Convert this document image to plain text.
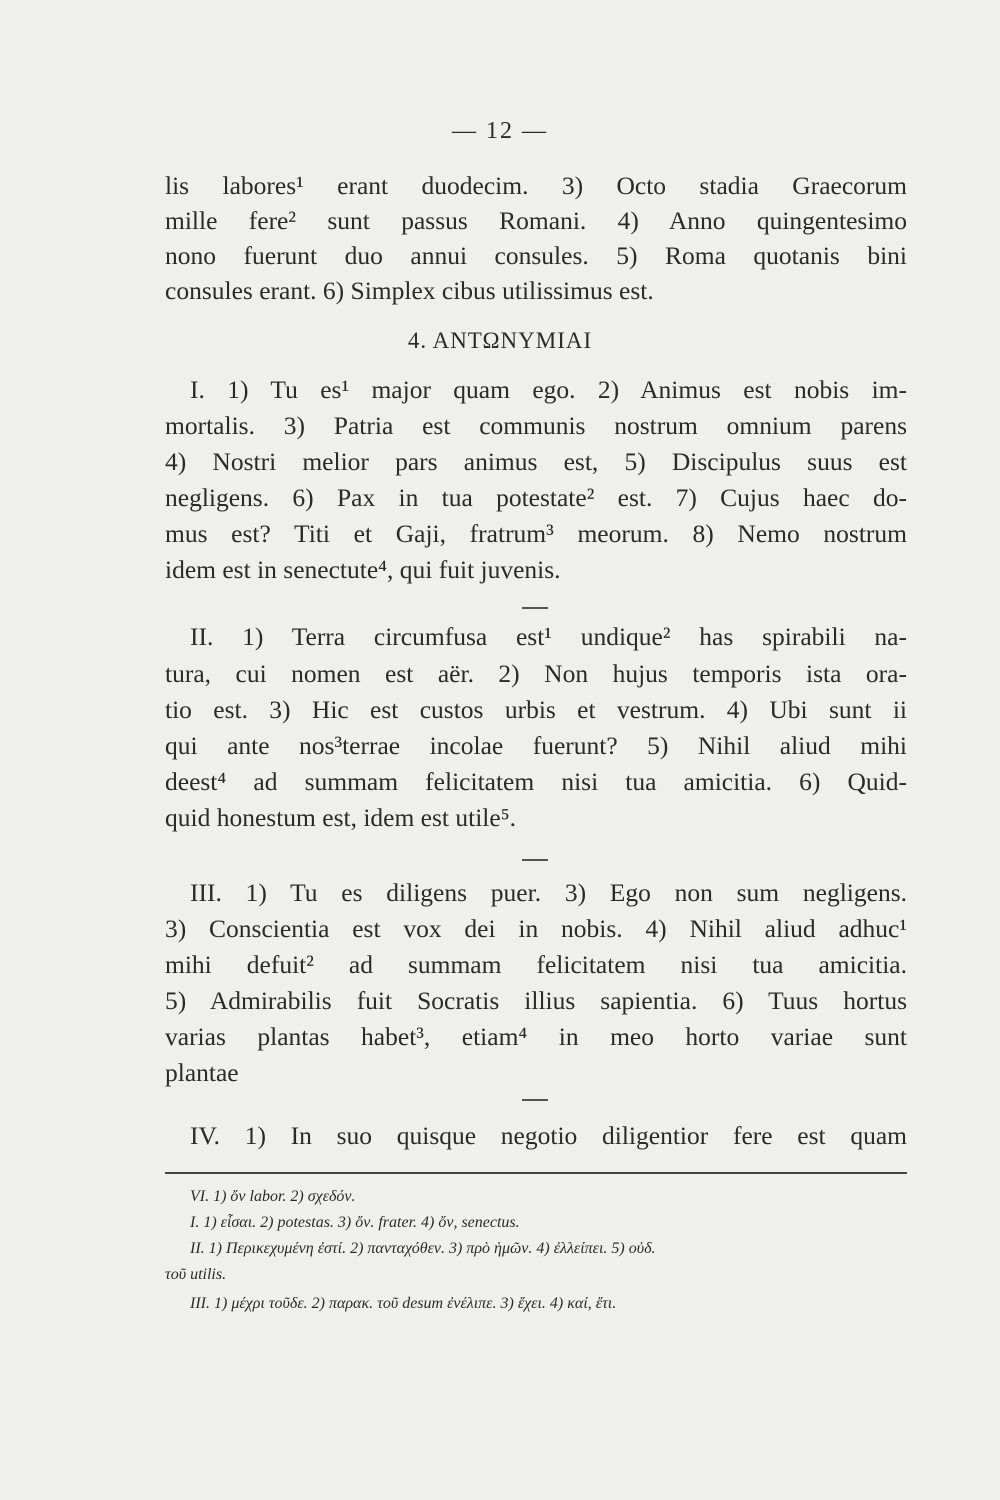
— 12 —
lis labores¹ erant duodecim. 3) Octo stadia Graecorum
mille fere² sunt passus Romani. 4) Anno quingentesimo
nono fuerunt duo annui consules. 5) Roma quotanis bini
consules erant. 6) Simplex cibus utilissimus est.
4. ΑΝΤΩΝΥΜΙΑΙ
I. 1) Tu es¹ major quam ego. 2) Animus est nobis im-
mortalis. 3) Patria est communis nostrum omnium parens
4) Nostri melior pars animus est, 5) Discipulus suus est
negligens. 6) Pax in tua potestate² est. 7) Cujus haec do-
mus est? Titi et Gaji, fratrum³ meorum. 8) Nemo nostrum
idem est in senectute⁴, qui fuit juvenis.
II. 1) Terra circumfusa est¹ undique² has spirabili na-
tura, cui nomen est aër. 2) Non hujus temporis ista ora-
tio est. 3) Hic est custos urbis et vestrum. 4) Ubi sunt ii
qui ante nos³terrae incolae fuerunt? 5) Nihil aliud mihi
deest⁴ ad summam felicitatem nisi tua amicitia. 6) Quid-
quid honestum est, idem est utile⁵.
III. 1) Tu es diligens puer. 3) Ego non sum negligens.
3) Conscientia est vox dei in nobis. 4) Nihil aliud adhuc¹
mihi defuit² ad summam felicitatem nisi tua amicitia.
5) Admirabilis fuit Socratis illius sapientia. 6) Tuus hortus
varias plantas habet³, etiam⁴ in meo horto variae sunt
plantae
IV. 1) In suo quisque negotio diligentior fere est quam
VI. 1) ὄν labor. 2) σχεδόν.
I. 1) εἶσαι. 2) potestas. 3) ὄν. frater. 4) ὄν, senectus.
II. 1) Περικεχυμένη ἐστί. 2) πανταχόθεν. 3) πρὸ ἡμῶν. 4) ἐλλείπει. 5) οὐδ.
τοῦ utilis.
III. 1) μέχρι τοῦδε. 2) παρακ. τοῦ desum ἐνέλιπε. 3) ἔχει. 4) καί, ἔτι.
